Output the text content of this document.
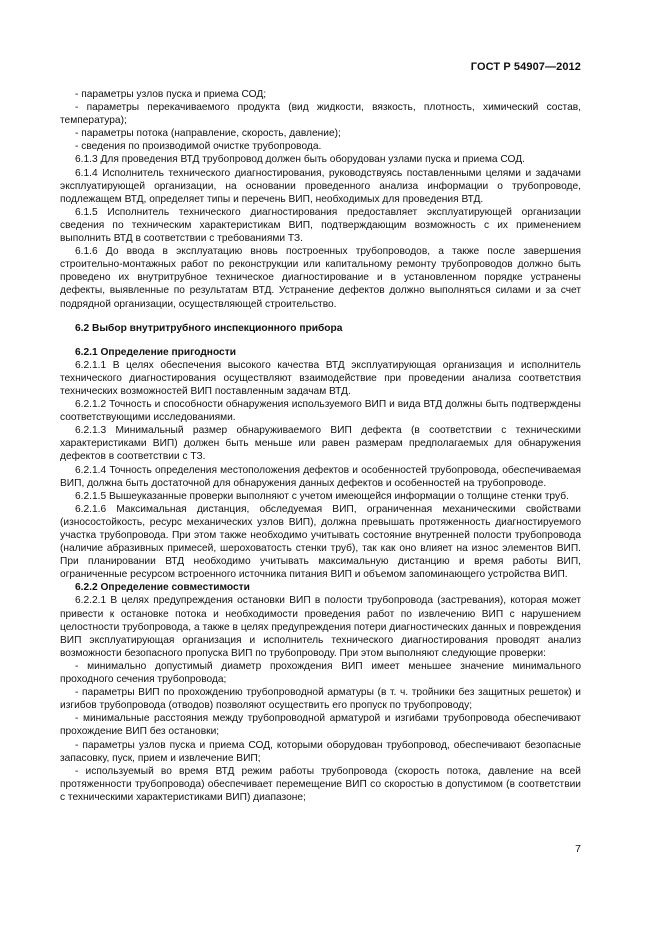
ГОСТ Р 54907—2012

- параметры узлов пуска и приема СОД;

- параметры перекачиваемого продукта (вид жидкости, вязкость, плотность, химический состав, температура);

- параметры потока (направление, скорость, давление);

- сведения по производимой очистке трубопровода.

6.1.3 Для проведения ВТД трубопровод должен быть оборудован узлами пуска и приема СОД.

6.1.4 Исполнитель технического диагностирования, руководствуясь поставленными целями и задачами эксплуатирующей организации, на основании проведенного анализа информации о трубопроводе, подлежащем ВТД, определяет типы и перечень ВИП, необходимых для проведения ВТД.

6.1.5 Исполнитель технического диагностирования предоставляет эксплуатирующей организации сведения по техническим характеристикам ВИП, подтверждающим возможность с их применением выполнить ВТД в соответствии с требованиями ТЗ.

6.1.6 До ввода в эксплуатацию вновь построенных трубопроводов, а также после завершения строительно-монтажных работ по реконструкции или капитальному ремонту трубопроводов должно быть проведено их внутритрубное техническое диагностирование и в установленном порядке устранены дефекты, выявленные по результатам ВТД. Устранение дефектов должно выполняться силами и за счет подрядной организации, осуществляющей строительство.

6.2 Выбор внутритрубного инспекционного прибора

6.2.1 Определение пригодности

6.2.1.1 В целях обеспечения высокого качества ВТД эксплуатирующая организация и исполнитель технического диагностирования осуществляют взаимодействие при проведении анализа соответствия технических возможностей ВИП поставленным задачам ВТД.

6.2.1.2 Точность и способности обнаружения используемого ВИП и вида ВТД должны быть подтверждены соответствующими исследованиями.

6.2.1.3 Минимальный размер обнаруживаемого ВИП дефекта (в соответствии с техническими характеристиками ВИП) должен быть меньше или равен размерам предполагаемых для обнаружения дефектов в соответствии с ТЗ.

6.2.1.4 Точность определения местоположения дефектов и особенностей трубопровода, обеспечиваемая ВИП, должна быть достаточной для обнаружения данных дефектов и особенностей на трубопроводе.

6.2.1.5 Вышеуказанные проверки выполняют с учетом имеющейся информации о толщине стенки труб.

6.2.1.6 Максимальная дистанция, обследуемая ВИП, ограниченная механическими свойствами (износостойкость, ресурс механических узлов ВИП), должна превышать протяженность диагностируемого участка трубопровода. При этом также необходимо учитывать состояние внутренней полости трубопровода (наличие абразивных примесей, шероховатость стенки труб), так как оно влияет на износ элементов ВИП. При планировании ВТД необходимо учитывать максимальную дистанцию и время работы ВИП, ограниченные ресурсом встроенного источника питания ВИП и объемом запоминающего устройства ВИП.

6.2.2 Определение совместимости

6.2.2.1 В целях предупреждения остановки ВИП в полости трубопровода (застревания), которая может привести к остановке потока и необходимости проведения работ по извлечению ВИП с нарушением целостности трубопровода, а также в целях предупреждения потери диагностических данных и повреждения ВИП эксплуатирующая организация и исполнитель технического диагностирования проводят анализ возможности безопасного пропуска ВИП по трубопроводу. При этом выполняют следующие проверки:

- минимально допустимый диаметр прохождения ВИП имеет меньшее значение минимального проходного сечения трубопровода;

- параметры ВИП по прохождению трубопроводной арматуры (в т. ч. тройники без защитных решеток) и изгибов трубопровода (отводов) позволяют осуществить его пропуск по трубопроводу;

- минимальные расстояния между трубопроводной арматурой и изгибами трубопровода обеспечивают прохождение ВИП без остановки;

- параметры узлов пуска и приема СОД, которыми оборудован трубопровод, обеспечивают безопасные запасовку, пуск, прием и извлечение ВИП;

- используемый во время ВТД режим работы трубопровода (скорость потока, давление на всей протяженности трубопровода) обеспечивает перемещение ВИП со скоростью в допустимом (в соответствии с техническими характеристиками ВИП) диапазоне;

7
